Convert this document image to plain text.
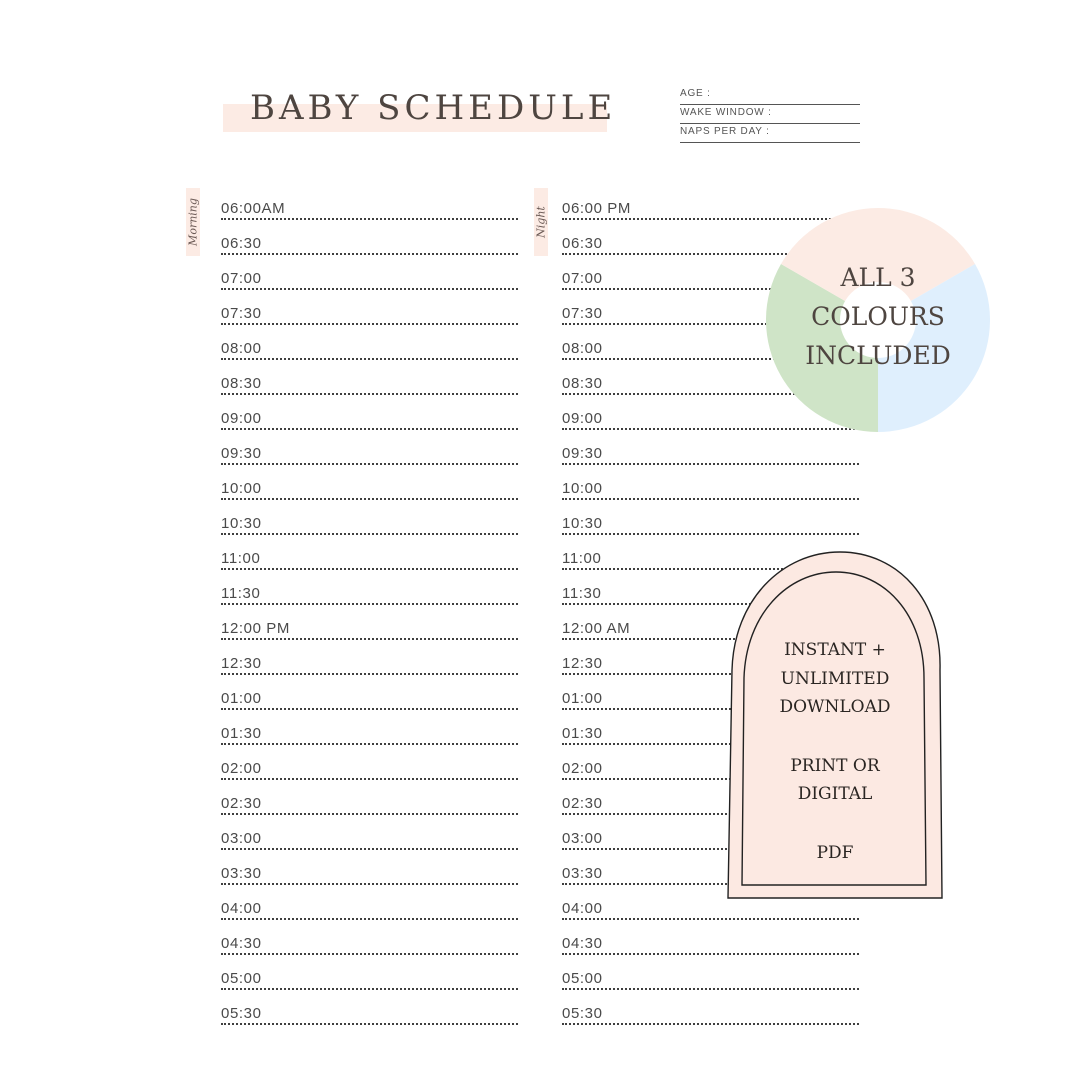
BABY SCHEDULE	AGE :
WAKE WINDOW :
NAPS PER DAY :
Morning	Night
06:00AM
06:30
07:00
07:30
08:00
08:30
09:00
09:30
10:00
10:30
11:00
11:30
12:00 PM
12:30
01:00
01:30
02:00
02:30
03:00
03:30
04:00
04:30
05:00
05:30
06:00 PM
06:30
07:00
07:30
08:00
08:30
09:00
09:30
10:00
10:30
11:00
11:30
12:00 AM
12:30
01:00
01:30
02:00
02:30
03:00
03:30
04:00
04:30
05:00
05:30
ALL 3
COLOURS
INCLUDED
INSTANT +
UNLIMITED
DOWNLOAD
PRINT OR
DIGITAL
PDF
